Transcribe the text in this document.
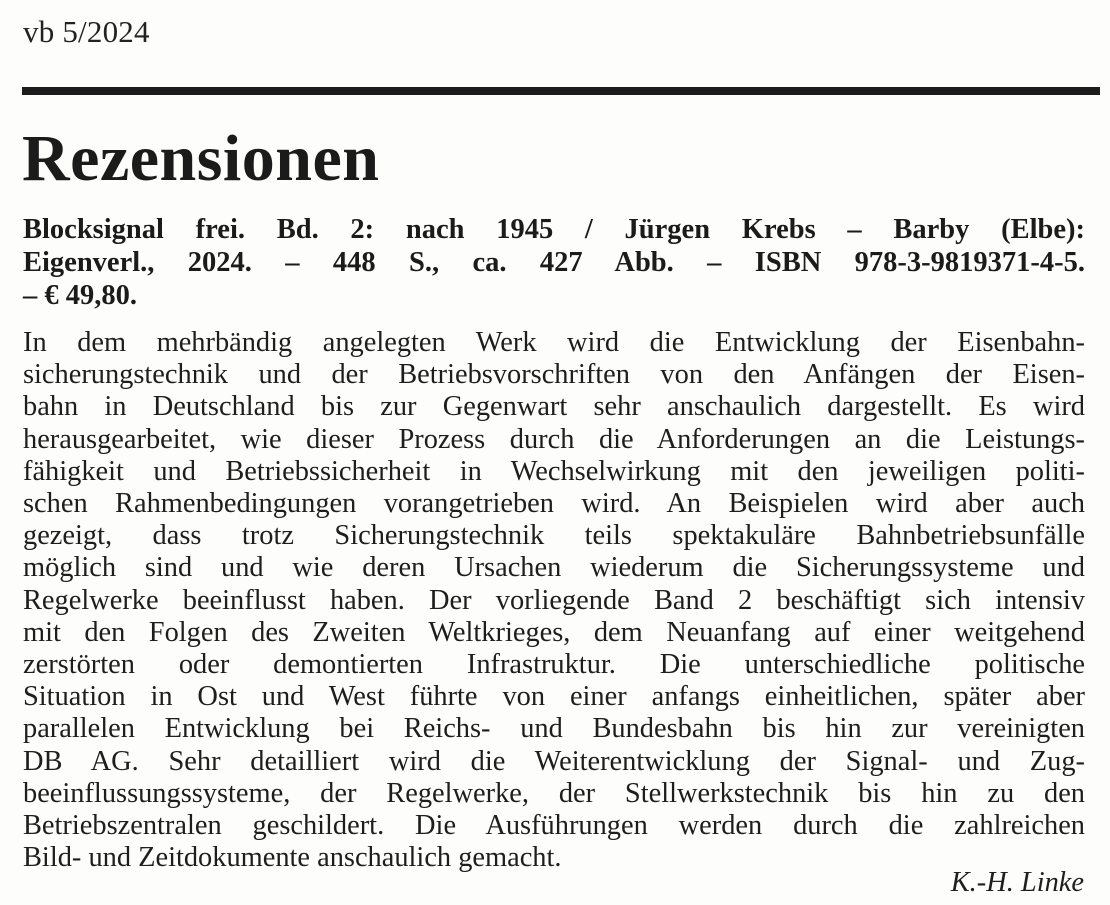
vb 5/2024
Rezensionen
Blocksignal frei. Bd. 2: nach 1945 / Jürgen Krebs – Barby (Elbe):
Eigenverl., 2024. – 448 S., ca. 427 Abb. – ISBN 978-3-9819371-4-5.
– € 49,80.
In dem mehrbändig angelegten Werk wird die Entwicklung der Eisenbahn-
sicherungstechnik und der Betriebsvorschriften von den Anfängen der Eisen-
bahn in Deutschland bis zur Gegenwart sehr anschaulich dargestellt. Es wird
herausgearbeitet, wie dieser Prozess durch die Anforderungen an die Leistungs-
fähigkeit und Betriebssicherheit in Wechselwirkung mit den jeweiligen politi-
schen Rahmenbedingungen vorangetrieben wird. An Beispielen wird aber auch
gezeigt, dass trotz Sicherungstechnik teils spektakuläre Bahnbetriebsunfälle
möglich sind und wie deren Ursachen wiederum die Sicherungssysteme und
Regelwerke beeinflusst haben. Der vorliegende Band 2 beschäftigt sich intensiv
mit den Folgen des Zweiten Weltkrieges, dem Neuanfang auf einer weitgehend
zerstörten oder demontierten Infrastruktur. Die unterschiedliche politische
Situation in Ost und West führte von einer anfangs einheitlichen, später aber
parallelen Entwicklung bei Reichs- und Bundesbahn bis hin zur vereinigten
DB AG. Sehr detailliert wird die Weiterentwicklung der Signal- und Zug-
beeinflussungssysteme, der Regelwerke, der Stellwerkstechnik bis hin zu den
Betriebszentralen geschildert. Die Ausführungen werden durch die zahlreichen
Bild- und Zeitdokumente anschaulich gemacht.
K.-H. Linke
